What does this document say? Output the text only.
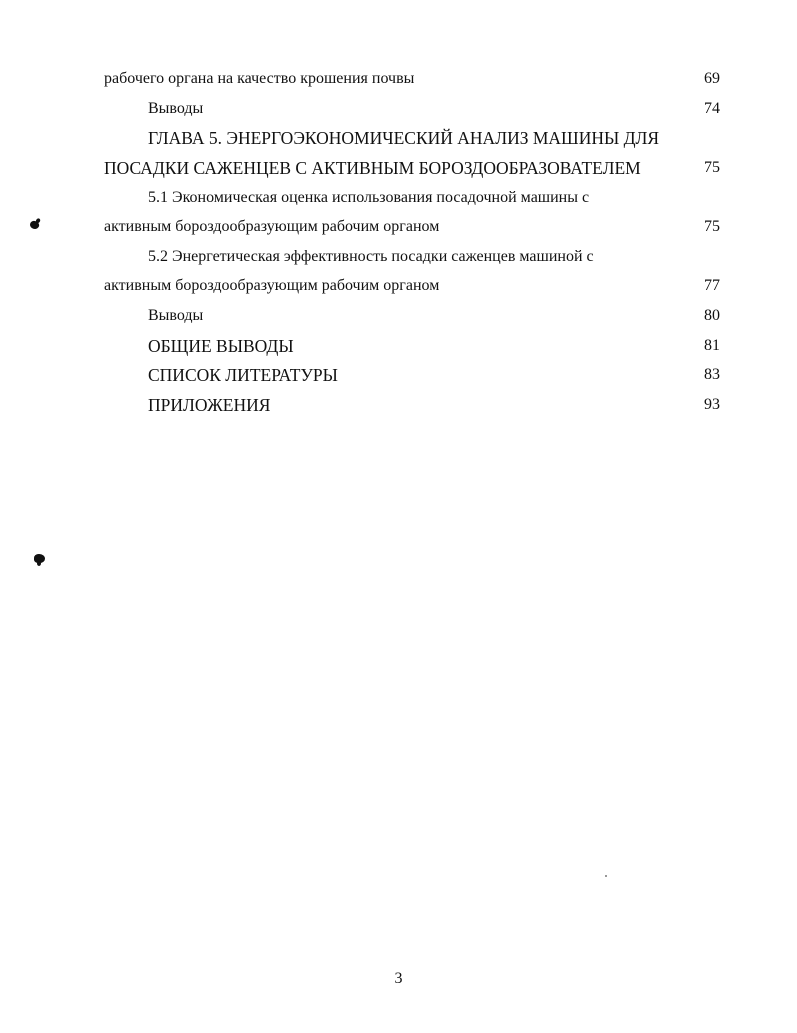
рабочего органа на качество крошения почвы	69
Выводы	74
ГЛАВА 5. ЭНЕРГОЭКОНОМИЧЕСКИЙ АНАЛИЗ МАШИНЫ ДЛЯ
ПОСАДКИ САЖЕНЦЕВ С АКТИВНЫМ БОРОЗДООБРАЗОВАТЕЛЕМ	75
5.1 Экономическая оценка использования посадочной машины с
активным бороздообразующим рабочим органом	75
5.2 Энергетическая эффективность посадки саженцев машиной с
активным бороздообразующим рабочим органом	77
Выводы	80
ОБЩИЕ ВЫВОДЫ	81
СПИСОК ЛИТЕРАТУРЫ	83
ПРИЛОЖЕНИЯ	93
3
